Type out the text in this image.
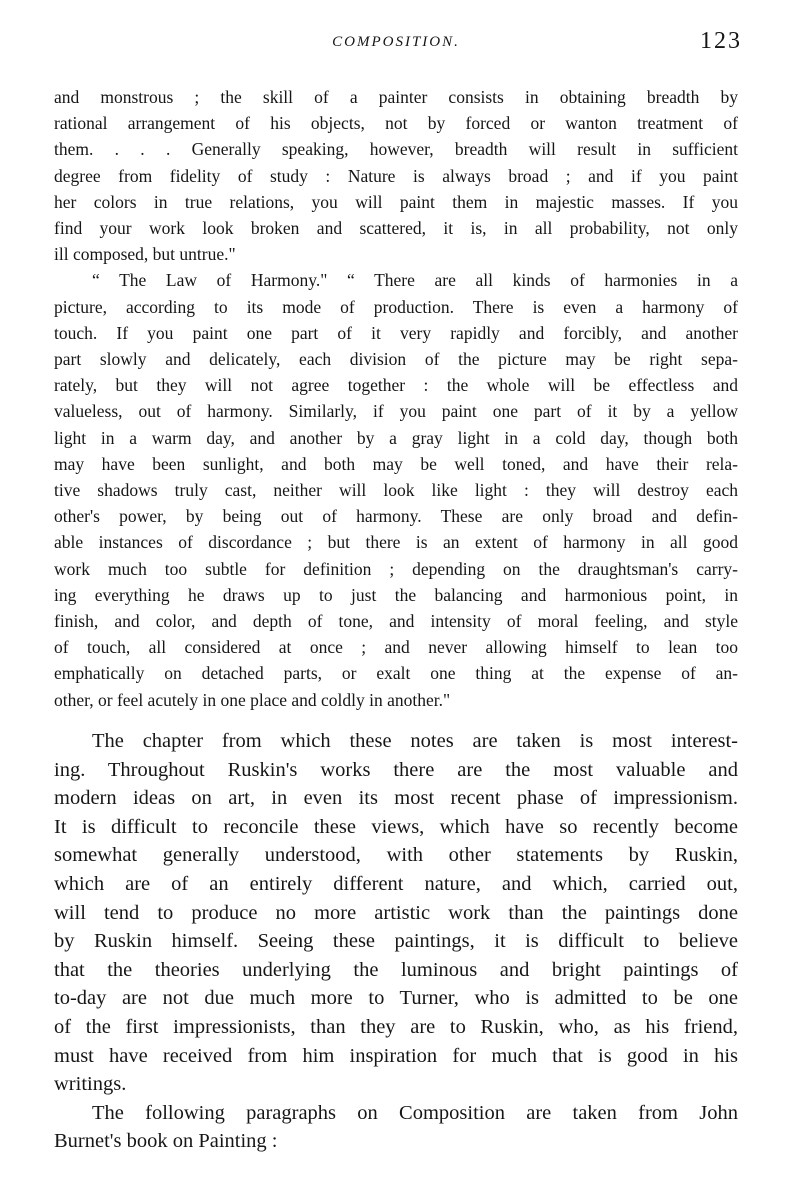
COMPOSITION.	123
and monstrous ; the skill of a painter consists in obtaining breadth by
rational arrangement of his objects, not by forced or wanton treatment of
them. . . . Generally speaking, however, breadth will result in sufficient
degree from fidelity of study : Nature is always broad ; and if you paint
her colors in true relations, you will paint them in majestic masses. If you
find your work look broken and scattered, it is, in all probability, not only
ill composed, but untrue."
“ The Law of Harmony." “ There are all kinds of harmonies in a
picture, according to its mode of production. There is even a harmony of
touch. If you paint one part of it very rapidly and forcibly, and another
part slowly and delicately, each division of the picture may be right sepa-
rately, but they will not agree together : the whole will be effectless and
valueless, out of harmony. Similarly, if you paint one part of it by a yellow
light in a warm day, and another by a gray light in a cold day, though both
may have been sunlight, and both may be well toned, and have their rela-
tive shadows truly cast, neither will look like light : they will destroy each
other's power, by being out of harmony. These are only broad and defin-
able instances of discordance ; but there is an extent of harmony in all good
work much too subtle for definition ; depending on the draughtsman's carry-
ing everything he draws up to just the balancing and harmonious point, in
finish, and color, and depth of tone, and intensity of moral feeling, and style
of touch, all considered at once ; and never allowing himself to lean too
emphatically on detached parts, or exalt one thing at the expense of an-
other, or feel acutely in one place and coldly in another."
The chapter from which these notes are taken is most interest-
ing. Throughout Ruskin's works there are the most valuable and
modern ideas on art, in even its most recent phase of impressionism.
It is difficult to reconcile these views, which have so recently become
somewhat generally understood, with other statements by Ruskin,
which are of an entirely different nature, and which, carried out,
will tend to produce no more artistic work than the paintings done
by Ruskin himself. Seeing these paintings, it is difficult to believe
that the theories underlying the luminous and bright paintings of
to-day are not due much more to Turner, who is admitted to be one
of the first impressionists, than they are to Ruskin, who, as his friend,
must have received from him inspiration for much that is good in his
writings.
The following paragraphs on Composition are taken from John
Burnet's book on Painting :
